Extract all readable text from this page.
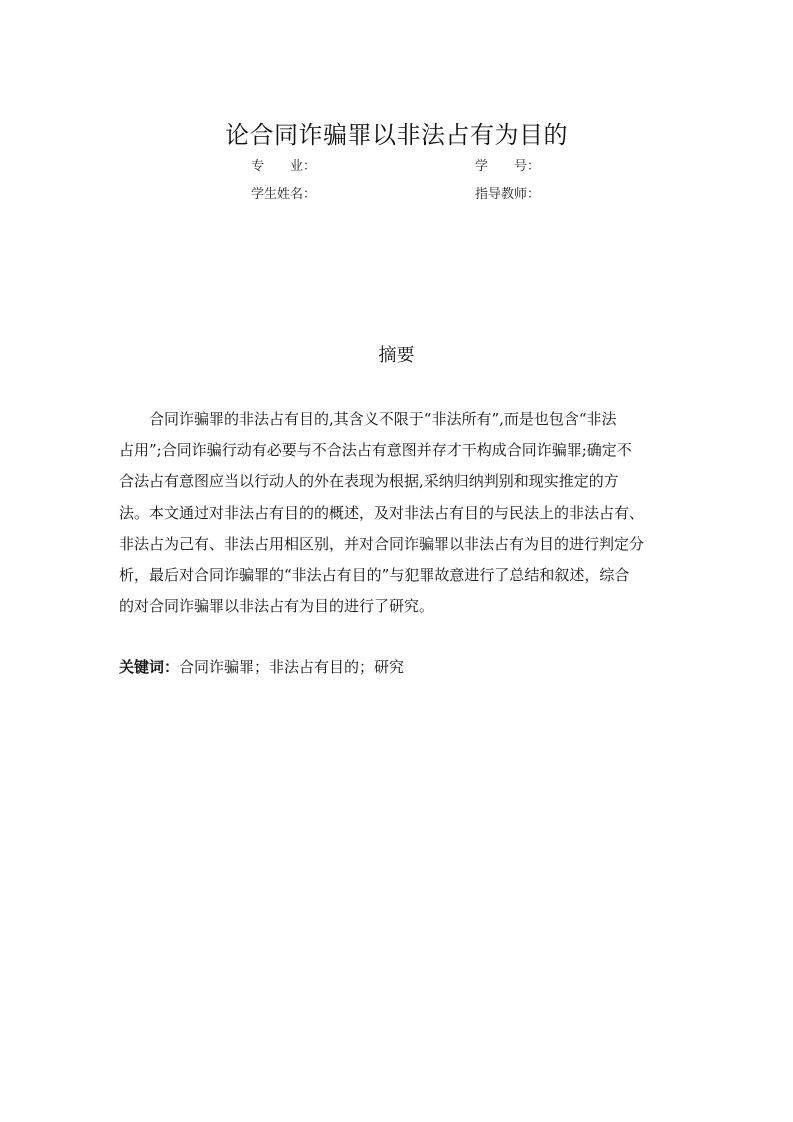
论合同诈骗罪以非法占有为目的
专　　业：	学　　号：
学生姓名：	指导教师：
摘要
合同诈骗罪的非法占有目的,其含义不限于“非法所有”,而是也包含“非法
占用”;合同诈骗行动有必要与不合法占有意图并存才干构成合同诈骗罪;确定不
合法占有意图应当以行动人的外在表现为根据,采纳归纳判别和现实推定的方
法。本文通过对非法占有目的的概述，及对非法占有目的与民法上的非法占有、
非法占为己有、非法占用相区别，并对合同诈骗罪以非法占有为目的进行判定分
析，最后对合同诈骗罪的“非法占有目的”与犯罪故意进行了总结和叙述，综合
的对合同诈骗罪以非法占有为目的进行了研究。
关键词：合同诈骗罪；非法占有目的；研究
